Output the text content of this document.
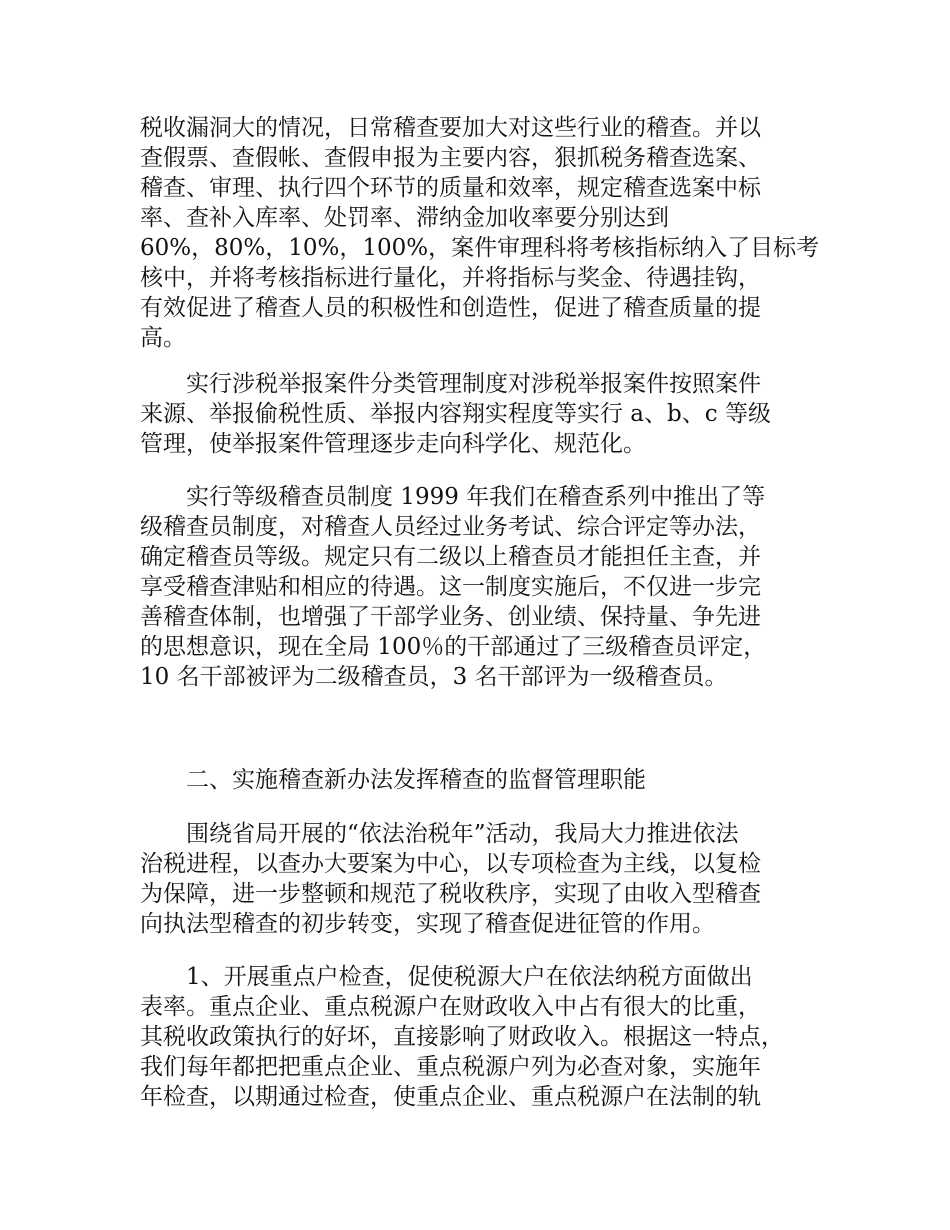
税收漏洞大的情况，日常稽查要加大对这些行业的稽查。并以
查假票、查假帐、查假申报为主要内容，狠抓税务稽查选案、
稽查、审理、执行四个环节的质量和效率，规定稽查选案中标
率、查补入库率、处罚率、滞纳金加收率要分别达到
60%，80%，10%，100%，案件审理科将考核指标纳入了目标考
核中，并将考核指标进行量化，并将指标与奖金、待遇挂钩，
有效促进了稽查人员的积极性和创造性，促进了稽查质量的提
高。
　　实行涉税举报案件分类管理制度对涉税举报案件按照案件
来源、举报偷税性质、举报内容翔实程度等实行 a、b、c 等级
管理，使举报案件管理逐步走向科学化、规范化。
　　实行等级稽查员制度 1999 年我们在稽查系列中推出了等
级稽查员制度，对稽查人员经过业务考试、综合评定等办法，
确定稽查员等级。规定只有二级以上稽查员才能担任主查，并
享受稽查津贴和相应的待遇。这一制度实施后，不仅进一步完
善稽查体制，也增强了干部学业务、创业绩、保持量、争先进
的思想意识，现在全局 100％的干部通过了三级稽查员评定，
10 名干部被评为二级稽查员，3 名干部评为一级稽查员。
　　二、实施稽查新办法发挥稽查的监督管理职能
　　围绕省局开展的“依法治税年”活动，我局大力推进依法
治税进程，以查办大要案为中心，以专项检查为主线，以复检
为保障，进一步整顿和规范了税收秩序，实现了由收入型稽查
向执法型稽查的初步转变，实现了稽查促进征管的作用。
　　1、开展重点户检查，促使税源大户在依法纳税方面做出
表率。重点企业、重点税源户在财政收入中占有很大的比重，
其税收政策执行的好坏，直接影响了财政收入。根据这一特点，
我们每年都把把重点企业、重点税源户列为必查对象，实施年
年检查，以期通过检查，使重点企业、重点税源户在法制的轨
